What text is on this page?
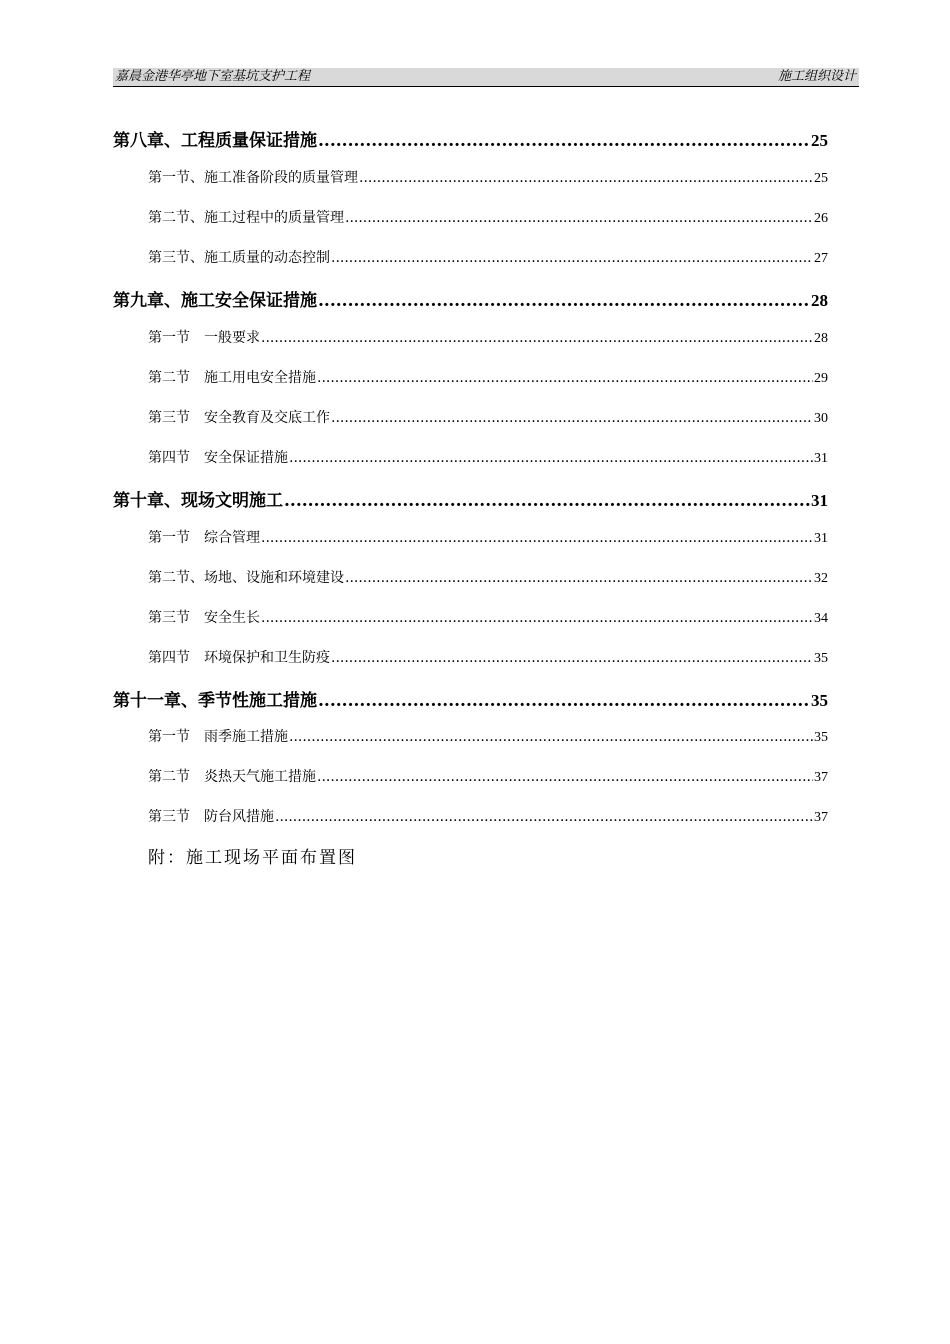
嘉晨金港华亭地下室基坑支护工程	施工组织设计
第八章、工程质量保证措施 .....	25
第一节、施工准备阶段的质量管理 .....	25
第二节、施工过程中的质量管理 .....	26
第三节、施工质量的动态控制 .....	27
第九章、施工安全保证措施 .....	28
第一节　一般要求 .....	28
第二节　施工用电安全措施 .....	29
第三节　安全教育及交底工作 .....	30
第四节　安全保证措施 .....	31
第十章、现场文明施工 .....	31
第一节　综合管理 .....	31
第二节、场地、设施和环境建设 .....	32
第三节　安全生长 .....	34
第四节　环境保护和卫生防疫 .....	35
第十一章、季节性施工措施 .....	35
第一节　雨季施工措施 .....	35
第二节　炎热天气施工措施 .....	37
第三节　防台风措施 .....	37
附：施工现场平面布置图
